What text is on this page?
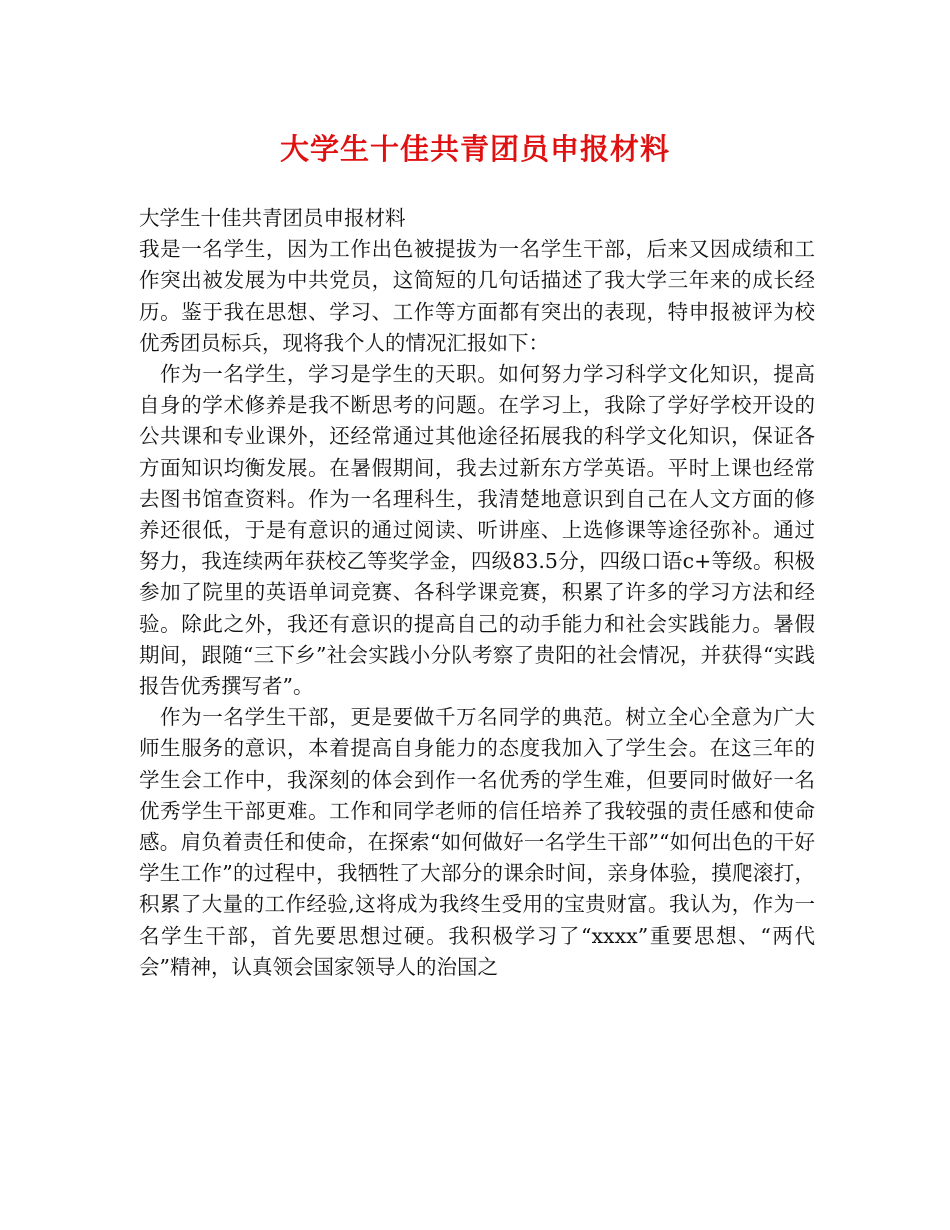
大学生十佳共青团员申报材料

大学生十佳共青团员申报材料

我是一名学生，因为工作出色被提拔为一名学生干部，后来又因成绩和工作突出被发展为中共党员，这简短的几句话描述了我大学三年来的成长经历。鉴于我在思想、学习、工作等方面都有突出的表现，特申报被评为校优秀团员标兵，现将我个人的情况汇报如下：

作为一名学生，学习是学生的天职。如何努力学习科学文化知识，提高自身的学术修养是我不断思考的问题。在学习上，我除了学好学校开设的公共课和专业课外，还经常通过其他途径拓展我的科学文化知识，保证各方面知识均衡发展。在暑假期间，我去过新东方学英语。平时上课也经常去图书馆查资料。作为一名理科生，我清楚地意识到自己在人文方面的修养还很低，于是有意识的通过阅读、听讲座、上选修课等途径弥补。通过努力，我连续两年获校乙等奖学金，四级83.5分，四级口语c+等级。积极参加了院里的英语单词竞赛、各科学课竞赛，积累了许多的学习方法和经验。除此之外，我还有意识的提高自己的动手能力和社会实践能力。暑假期间，跟随“三下乡”社会实践小分队考察了贵阳的社会情况，并获得“实践报告优秀撰写者”。

作为一名学生干部，更是要做千万名同学的典范。树立全心全意为广大师生服务的意识，本着提高自身能力的态度我加入了学生会。在这三年的学生会工作中，我深刻的体会到作一名优秀的学生难，但要同时做好一名优秀学生干部更难。工作和同学老师的信任培养了我较强的责任感和使命感。肩负着责任和使命，在探索“如何做好一名学生干部”“如何出色的干好学生工作”的过程中，我牺牲了大部分的课余时间，亲身体验，摸爬滚打，积累了大量的工作经验,这将成为我终生受用的宝贵财富。我认为，作为一名学生干部，首先要思想过硬。我积极学习了“xxxx”重要思想、“两代会”精神，认真领会国家领导人的治国之
